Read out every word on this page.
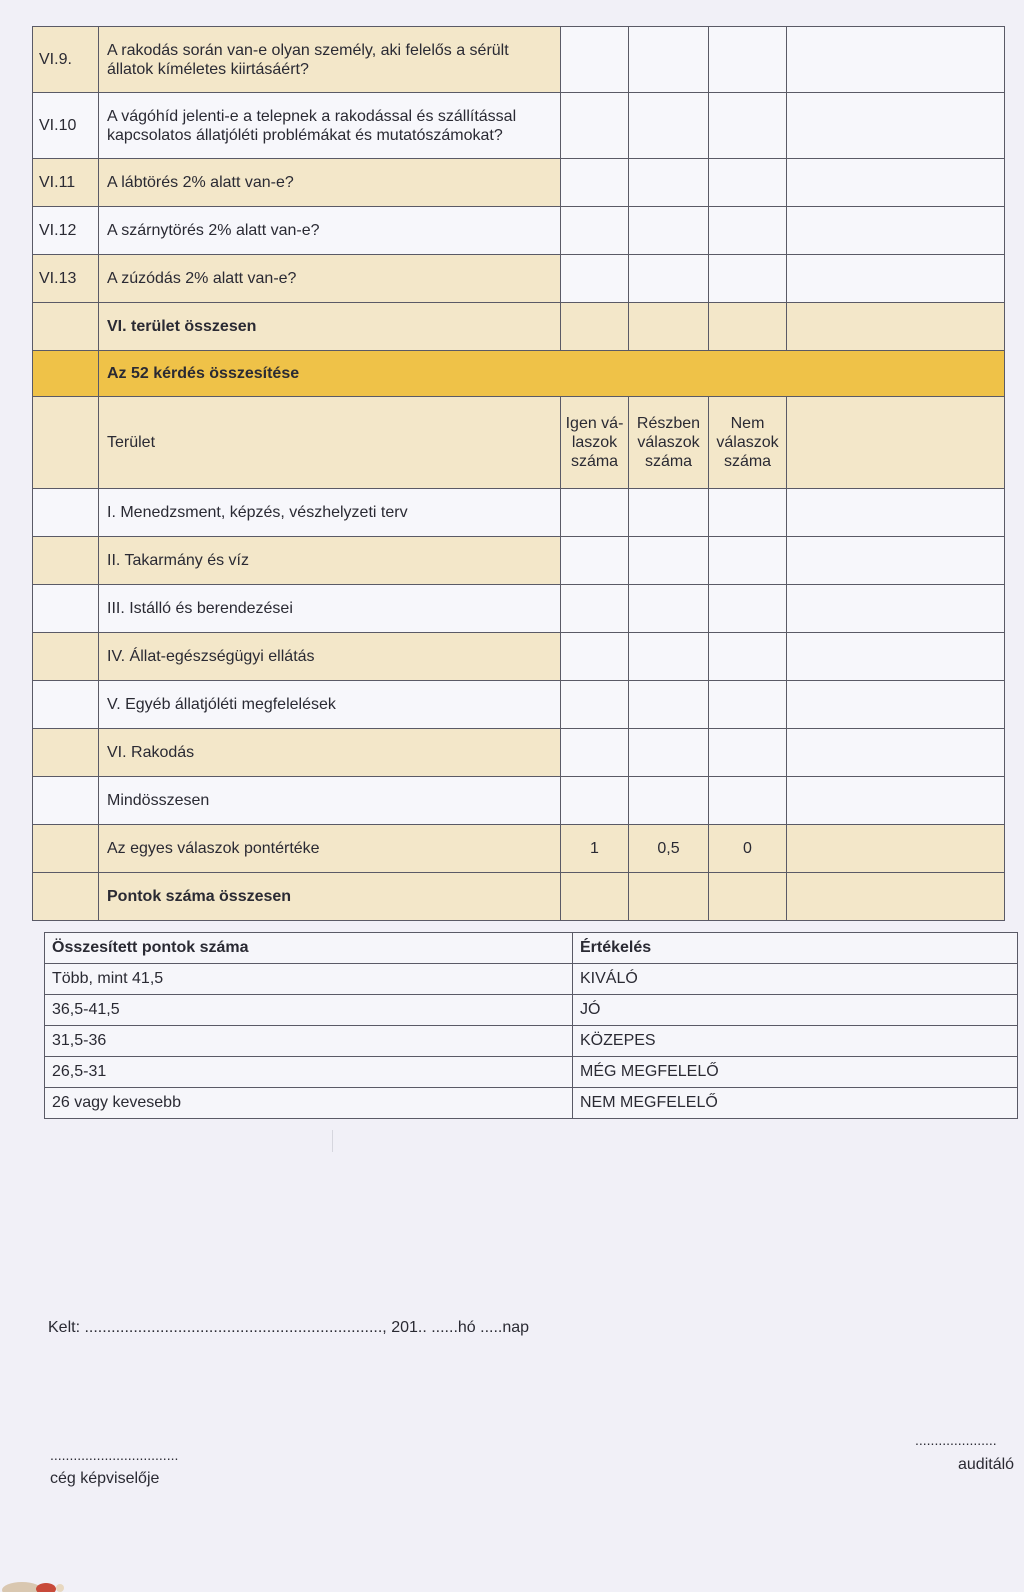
VI.9.	A rakodás során van-e olyan személy, aki felelős a sérült állatok kíméletes kiirtásáért?				
VI.10	A vágóhíd jelenti-e a telepnek a rakodással és szállítással kapcsolatos állatjóléti problémákat és mutatószámokat?				
VI.11	A lábtörés 2% alatt van-e?				
VI.12	A szárnytörés 2% alatt van-e?				
VI.13	A zúzódás 2% alatt van-e?				
	VI. terület összesen				
	Az 52 kérdés összesítése				
	Terület	Igen vá-laszok száma	Részben válaszok száma	Nem válaszok száma	
	I. Menedzsment, képzés, vészhelyzeti terv				
	II. Takarmány és víz				
	III. Istálló és berendezései				
	IV. Állat-egészségügyi ellátás				
	V. Egyéb állatjóléti megfelelések				
	VI. Rakodás				
	Mindösszesen				
	Az egyes válaszok pontértéke	1	0,5	0	
	Pontok száma összesen				
Összesített pontok száma	Értékelés
Több, mint 41,5	KIVÁLÓ
36,5-41,5	JÓ
31,5-36	KÖZEPES
26,5-31	MÉG MEGFELELŐ
26 vagy kevesebb	NEM MEGFELELŐ
Kelt: ..................................................................., 201.. ......hó .....nap
.................................
cég képviselője
.....................
auditáló
